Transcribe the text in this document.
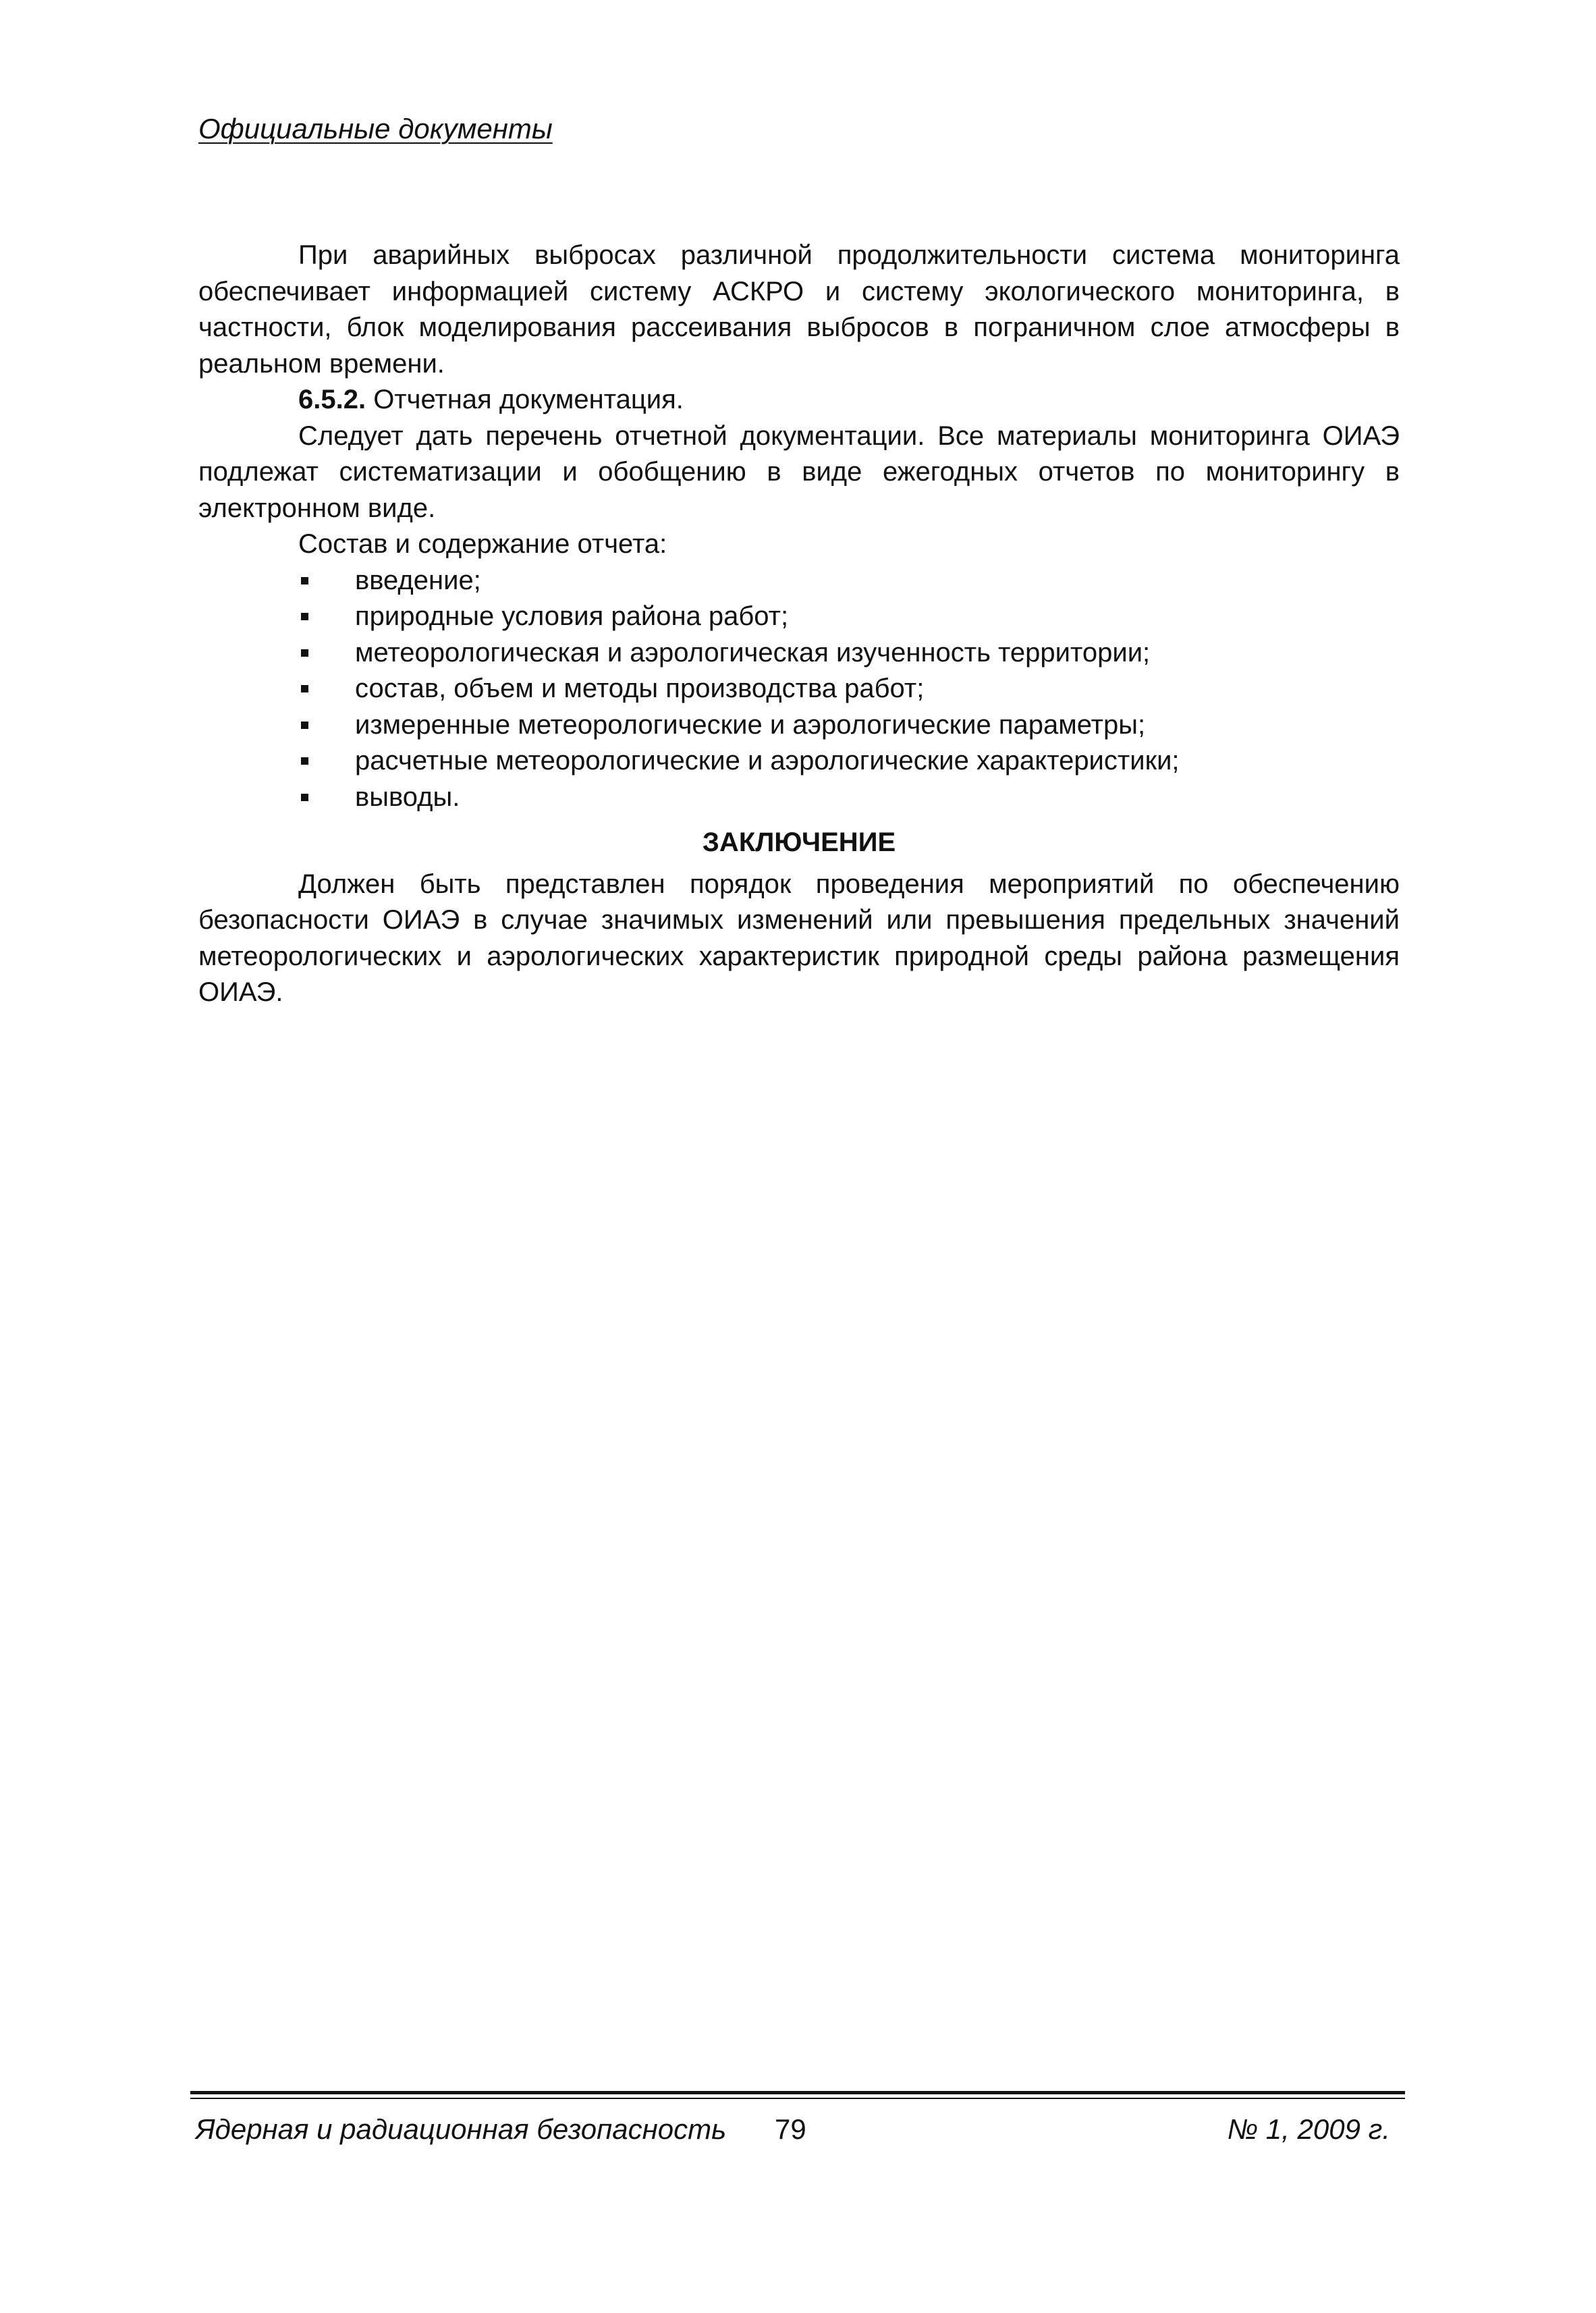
Официальные документы

При аварийных выбросах различной продолжительности система мониторинга обеспечивает информацией систему АСКРО и систему экологического мониторинга, в частности, блок моделирования рассеивания выбросов в пограничном слое атмосферы в реальном времени.

6.5.2. Отчетная документация.

Следует дать перечень отчетной документации. Все материалы мониторинга ОИАЭ подлежат систематизации и обобщению в виде ежегодных отчетов по мониторингу в электронном виде.

Состав и содержание отчета:

введение;
природные условия района работ;
метеорологическая и аэрологическая изученность территории;
состав, объем и методы производства работ;
измеренные метеорологические и аэрологические параметры;
расчетные метеорологические и аэрологические характеристики;
выводы.
ЗАКЛЮЧЕНИЕ

Должен быть представлен порядок проведения мероприятий по обеспечению безопасности ОИАЭ в случае значимых изменений или превышения предельных значений метеорологических и аэрологических характеристик природной среды района размещения ОИАЭ.

Ядерная и радиационная безопасность 79	№ 1, 2009 г.
